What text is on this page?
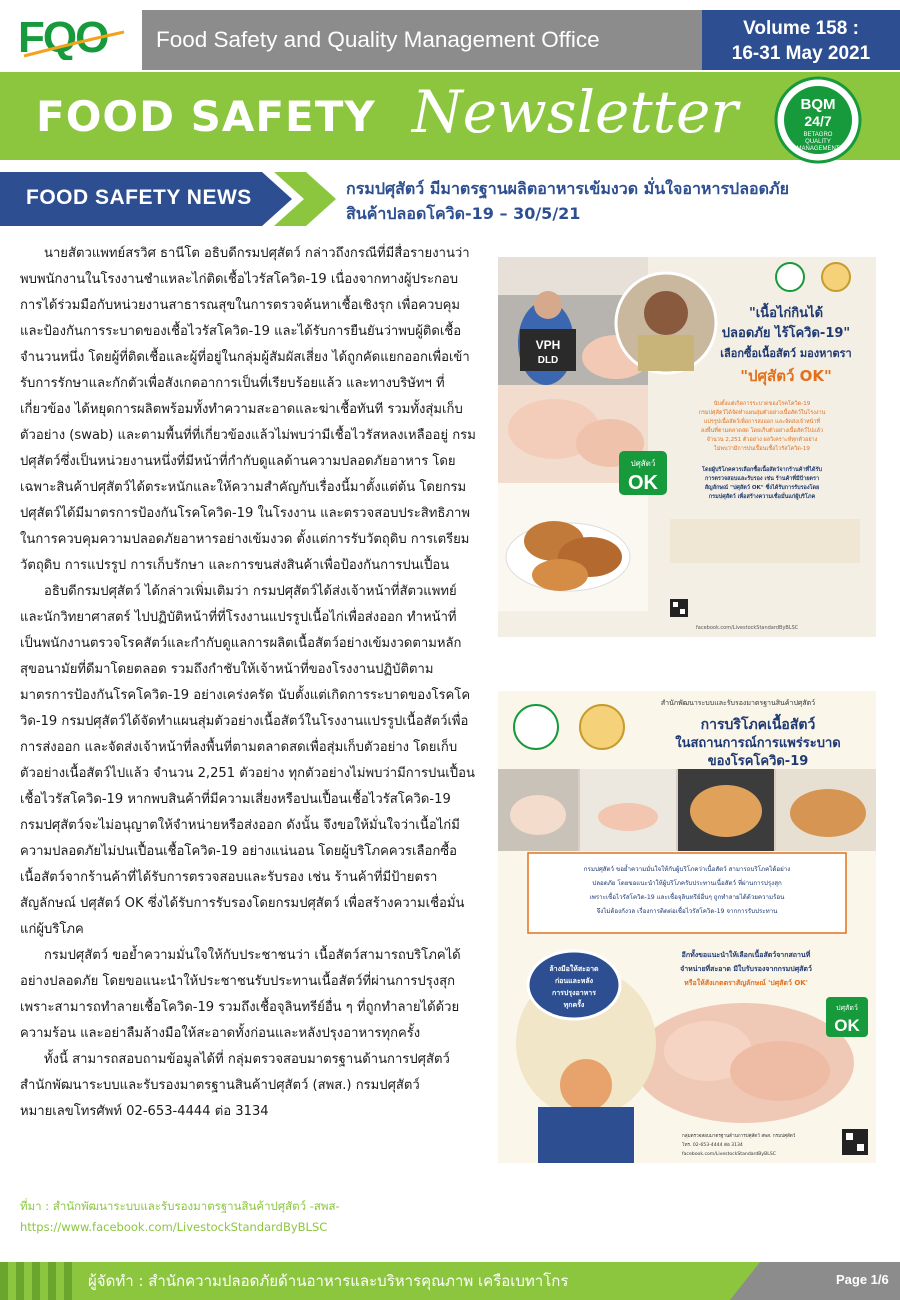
FQO	Food Safety and Quality Management Office	Volume 158 :
16-31 May 2021
FOOD SAFETY Newsletter	BQM
24/7
BETAGRO
QUALITY
MANAGEMENT
FOOD SAFETY NEWS	กรมปศุสัตว์ มีมาตรฐานผลิตอาหารเข้มงวด มั่นใจอาหารปลอดภัย
สินค้าปลอดโควิด-19 – 30/5/21

นายสัตวแพทย์สรวิศ ธานีโต อธิบดีกรมปศุสัตว์ กล่าวถึงกรณีที่มีสื่อรายงานว่า พบพนักงานในโรงงานชำแหละไก่ติดเชื้อไวรัสโควิด-19 เนื่องจากทางผู้ประกอบการได้ร่วมมือกับหน่วยงานสาธารณสุขในการตรวจค้นหาเชื้อเชิงรุก เพื่อควบคุมและป้องกันการระบาดของเชื้อไวรัสโควิด-19 และได้รับการยืนยันว่าพบผู้ติดเชื้อจำนวนหนึ่ง โดยผู้ที่ติดเชื้อและผู้ที่อยู่ในกลุ่มผู้สัมผัสเสี่ยง ได้ถูกคัดแยกออกเพื่อเข้ารับการรักษาและกักตัวเพื่อสังเกตอาการเป็นที่เรียบร้อยแล้ว และทางบริษัทฯ ที่เกี่ยวข้อง ได้หยุดการผลิตพร้อมทั้งทำความสะอาดและฆ่าเชื้อทันที รวมทั้งสุ่มเก็บตัวอย่าง (swab) และตามพื้นที่ที่เกี่ยวข้องแล้วไม่พบว่ามีเชื้อไวรัสหลงเหลืออยู่ กรมปศุสัตว์ซึ่งเป็นหน่วยงานหนึ่งที่มีหน้าที่กำกับดูแลด้านความปลอดภัยอาหาร โดยเฉพาะสินค้าปศุสัตว์ได้ตระหนักและให้ความสำคัญกับเรื่องนี้มาตั้งแต่ต้น โดยกรมปศุสัตว์ได้มีมาตรการป้องกันโรคโควิด-19 ในโรงงาน และตรวจสอบประสิทธิภาพในการควบคุมความปลอดภัยอาหารอย่างเข้มงวด ตั้งแต่การรับวัตถุดิบ การเตรียมวัตถุดิบ การแปรรูป การเก็บรักษา และการขนส่งสินค้าเพื่อป้องกันการปนเปื้อน

อธิบดีกรมปศุสัตว์ ได้กล่าวเพิ่มเติมว่า กรมปศุสัตว์ได้ส่งเจ้าหน้าที่สัตวแพทย์และนักวิทยาศาสตร์ ไปปฏิบัติหน้าที่ที่โรงงานแปรรูปเนื้อไก่เพื่อส่งออก ทำหน้าที่เป็นพนักงานตรวจโรคสัตว์และกำกับดูแลการผลิตเนื้อสัตว์อย่างเข้มงวดตามหลักสุขอนามัยที่ดีมาโดยตลอด รวมถึงกำชับให้เจ้าหน้าที่ของโรงงานปฏิบัติตามมาตรการป้องกันโรคโควิด-19 อย่างเคร่งครัด นับตั้งแต่เกิดการระบาดของโรคโควิด-19 กรมปศุสัตว์ได้จัดทำแผนสุ่มตัวอย่างเนื้อสัตว์ในโรงงานแปรรูปเนื้อสัตว์เพื่อการส่งออก และจัดส่งเจ้าหน้าที่ลงพื้นที่ตามตลาดสดเพื่อสุ่มเก็บตัวอย่าง โดยเก็บตัวอย่างเนื้อสัตว์ไปแล้ว จำนวน 2,251 ตัวอย่าง ทุกตัวอย่างไม่พบว่ามีการปนเปื้อนเชื้อไวรัสโควิด-19 หากพบสินค้าที่มีความเสี่ยงหรือปนเปื้อนเชื้อไวรัสโควิด-19 กรมปศุสัตว์จะไม่อนุญาตให้จำหน่ายหรือส่งออก ดังนั้น จึงขอให้มั่นใจว่าเนื้อไก่มีความปลอดภัยไม่ปนเปื้อนเชื้อโควิด-19 อย่างแน่นอน โดยผู้บริโภคควรเลือกซื้อเนื้อสัตว์จากร้านค้าที่ได้รับการตรวจสอบและรับรอง เช่น ร้านค้าที่มีป้ายตราสัญลักษณ์ ปศุสัตว์ OK ซึ่งได้รับการรับรองโดยกรมปศุสัตว์ เพื่อสร้างความเชื่อมั่นแก่ผู้บริโภค

กรมปศุสัตว์ ขอย้ำความมั่นใจให้กับประชาชนว่า เนื้อสัตว์สามารถบริโภคได้อย่างปลอดภัย โดยขอแนะนำให้ประชาชนรับประทานเนื้อสัตว์ที่ผ่านการปรุงสุก เพราะสามารถทำลายเชื้อโควิด-19 รวมถึงเชื้อจุลินทรีย์อื่น ๆ ที่ถูกทำลายได้ด้วยความร้อน และอย่าลืมล้างมือให้สะอาดทั้งก่อนและหลังปรุงอาหารทุกครั้ง

ทั้งนี้ สามารถสอบถามข้อมูลได้ที่ กลุ่มตรวจสอบมาตรฐานด้านการปศุสัตว์ สำนักพัฒนาระบบและรับรองมาตรฐานสินค้าปศุสัตว์ (สพส.) กรมปศุสัตว์ หมายเลขโทรศัพท์ 02-653-4444 ต่อ 3134

ที่มา : สำนักพัฒนาระบบและรับรองมาตรฐานสินค้าปศุสัตว์ -สพส-
https://www.facebook.com/LivestockStandardByBLSC
VPH
DLD
ปศุสัตว์
OK
"เนื้อไก่กินได้
ปลอดภัย ไร้โควิด-19"
เลือกซื้อเนื้อสัตว์ มองหาตรา
"ปศุสัตว์ OK"
นับตั้งแต่เกิดการระบาดของโรคโควิด-19
กรมปศุสัตว์ได้จัดทำแผนสุ่มตัวอย่างเนื้อสัตว์ในโรงงาน
แปรรูปเนื้อสัตว์เพื่อการส่งออก และจัดส่งเจ้าหน้าที่
ลงพื้นที่ตามตลาดสด โดยเก็บตัวอย่างเนื้อสัตว์ไปแล้ว
จำนวน 2,251 ตัวอย่าง ผลวิเคราะห์ทุกตัวอย่าง
ไม่พบว่ามีการปนเปื้อนเชื้อไวรัสโควิด-19
โดยผู้บริโภคควรเลือกซื้อเนื้อสัตว์จากร้านค้าที่ได้รับ
การตรวจสอบและรับรอง เช่น ร้านค้าที่มีป้ายตรา
สัญลักษณ์ "ปศุสัตว์ OK" ซึ่งได้รับการรับรองโดย
กรมปศุสัตว์ เพื่อสร้างความเชื่อมั่นแก่ผู้บริโภค
facebook.com/LivestockStandardByBLSC
สำนักพัฒนาระบบและรับรองมาตรฐานสินค้าปศุสัตว์
การบริโภคเนื้อสัตว์
ในสถานการณ์การแพร่ระบาด
ของโรคโควิด-19
กรมปศุสัตว์ ขอย้ำความมั่นใจให้กับผู้บริโภคว่าเนื้อสัตว์ สามารถบริโภคได้อย่าง
ปลอดภัย โดยขอแนะนำให้ผู้บริโภครับประทานเนื้อสัตว์ ที่ผ่านการปรุงสุก
เพราะเชื้อไวรัสโควิด-19 และเชื้อจุลินทรีย์อื่นๆ ถูกทำลายได้ด้วยความร้อน
จึงไม่ต้องกังวล เรื่องการติดต่อเชื้อไวรัสโควิด-19 จากการรับประทาน
อีกทั้งขอแนะนำให้เลือกเนื้อสัตว์จากสถานที่
จำหน่ายที่สะอาด มีใบรับรองจากกรมปศุสัตว์
หรือให้สังเกตตราสัญลักษณ์ 'ปศุสัตว์ OK'
ปศุสัตว์
OK
ล้างมือให้สะอาด
ก่อนและหลัง
การปรุงอาหาร
ทุกครั้ง
กลุ่มตรวจสอบมาตรฐานด้านการปศุสัตว์ สพส. กรมปศุสัตว์
โทร. 02-653-4444 ต่อ 3134
facebook.com/LivestockStandardByBLSC
ผู้จัดทำ : สำนักความปลอดภัยด้านอาหารและบริหารคุณภาพ เครือเบทาโกร	Page 1/6
